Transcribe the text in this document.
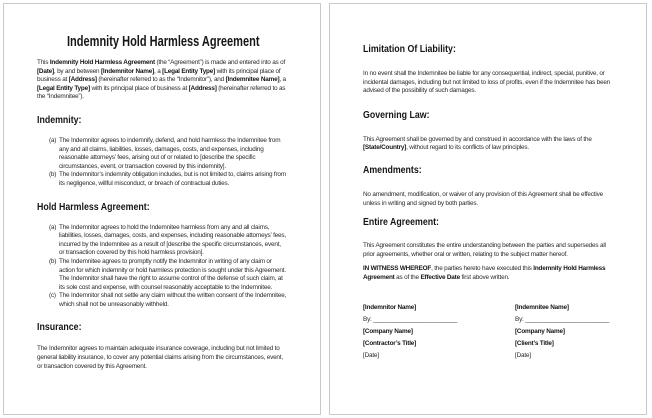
Indemnity Hold Harmless Agreement

This Indemnity Hold Harmless Agreement (the “Agreement”) is made and entered into as of [Date], by and between [Indemnitor Name], a [Legal Entity Type] with its principal place of business at [Address] (hereinafter referred to as the “Indemnitor”), and [Indemnitee Name], a [Legal Entity Type] with its principal place of business at [Address] (hereinafter referred to as the “Indemnitee”).

Indemnity:
(a) The Indemnitor agrees to indemnify, defend, and hold harmless the Indemnitee from any and all claims, liabilities, losses, damages, costs, and expenses, including reasonable attorneys’ fees, arising out of or related to [describe the specific circumstances, event, or transaction covered by this indemnity].
(b) The Indemnitor’s indemnity obligation includes, but is not limited to, claims arising from its negligence, willful misconduct, or breach of contractual duties.
Hold Harmless Agreement:
(a) The Indemnitor agrees to hold the Indemnitee harmless from any and all claims, liabilities, losses, damages, costs, and expenses, including reasonable attorneys’ fees, incurred by the Indemnitee as a result of [describe the specific circumstances, event, or transaction covered by this hold harmless provision].
(b) The Indemnitee agrees to promptly notify the Indemnitor in writing of any claim or action for which indemnity or hold harmless protection is sought under this Agreement. The Indemnitor shall have the right to assume control of the defense of such claim, at its sole cost and expense, with counsel reasonably acceptable to the Indemnitee.
(c) The Indemnitor shall not settle any claim without the written consent of the Indemnitee, which shall not be unreasonably withheld.
Insurance:

The Indemnitor agrees to maintain adequate insurance coverage, including but not limited to general liability insurance, to cover any potential claims arising from the circumstances, event, or transaction covered by this Agreement.

Limitation Of Liability:

In no event shall the Indemnitee be liable for any consequential, indirect, special, punitive, or incidental damages, including but not limited to loss of profits, even if the Indemnitee has been advised of the possibility of such damages.

Governing Law:

This Agreement shall be governed by and construed in accordance with the laws of the [State/Country], without regard to its conflicts of law principles.

Amendments:

No amendment, modification, or waiver of any provision of this Agreement shall be effective unless in writing and signed by both parties.

Entire Agreement:

This Agreement constitutes the entire understanding between the parties and supersedes all prior agreements, whether oral or written, relating to the subject matter hereof.

IN WITNESS WHEREOF, the parties hereto have executed this Indemnity Hold Harmless Agreement as of the Effective Date first above written.

[Indemnitor Name]
By: _________________________
[Company Name]
[Contractor’s Title]
[Date]
[Indemnitee Name]
By: _________________________
[Company Name]
[Client’s Title]
[Date]
